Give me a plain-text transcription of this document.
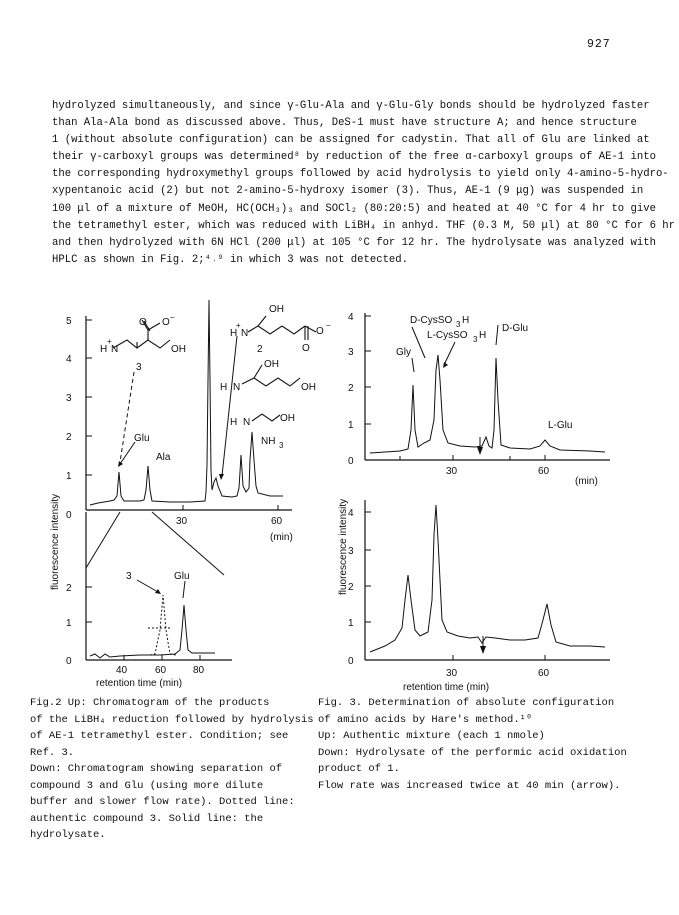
927
hydrolyzed simultaneously, and since γ-Glu-Ala and γ-Glu-Gly bonds should be hydrolyzed faster
than Ala-Ala bond as discussed above. Thus, DeS-1 must have structure A; and hence structure
1 (without absolute configuration) can be assigned for cadystin. That all of Glu are linked at
their γ-carboxyl groups was determined⁸ by reduction of the free α-carboxyl groups of AE-1 into
the corresponding hydroxymethyl groups followed by acid hydrolysis to yield only 4-amino-5-hydro-
xypentanoic acid (2) but not 2-amino-5-hydroxy isomer (3). Thus, AE-1 (9 μg) was suspended in
100 μl of a mixture of MeOH, HC(OCH₃)₃ and SOCl₂ (80:20:5) and heated at 40 °C for 4 hr to give
the tetramethyl ester, which was reduced with LiBH₄ in anhyd. THF (0.3 M, 50 μl) at 80 °C for 6 hr
and then hydrolyzed with 6N HCl (200 μl) at 105 °C for 12 hr. The hydrolysate was analyzed with
HPLC as shown in Fig. 2;⁴˒⁹ in which 3 was not detected.
5
4
3
2
1
0
30	60
(min)
fluorescence intensity
retention time (min)
Glu
Ala
3
2
NH 3
O O −
H N
+
OH
OH
H N
+
O
−
O
OH
H N	OH
H N	OH
2
1
0
40	60	80
3	Glu
4
3
2
1
0
30	60
(min)
fluorescence intensity
retention time (min)
D-CysSO 3 H
L-CysSO 3 H
Gly
D-Glu
L-Glu
4
3
2
1
0
30	60
Fig.2 Up: Chromatogram of the products
of the LiBH₄ reduction followed by hydrolysis
of AE-1 tetramethyl ester. Condition; see
Ref. 3.
Down: Chromatogram showing separation of
compound 3 and Glu (using more dilute
buffer and slower flow rate). Dotted line:
authentic compound 3. Solid line: the
hydrolysate.
Fig. 3. Determination of absolute configuration
of amino acids by Hare's method.¹⁰
Up: Authentic mixture (each 1 nmole)
Down: Hydrolysate of the performic acid oxidation
product of 1.
Flow rate was increased twice at 40 min (arrow).
